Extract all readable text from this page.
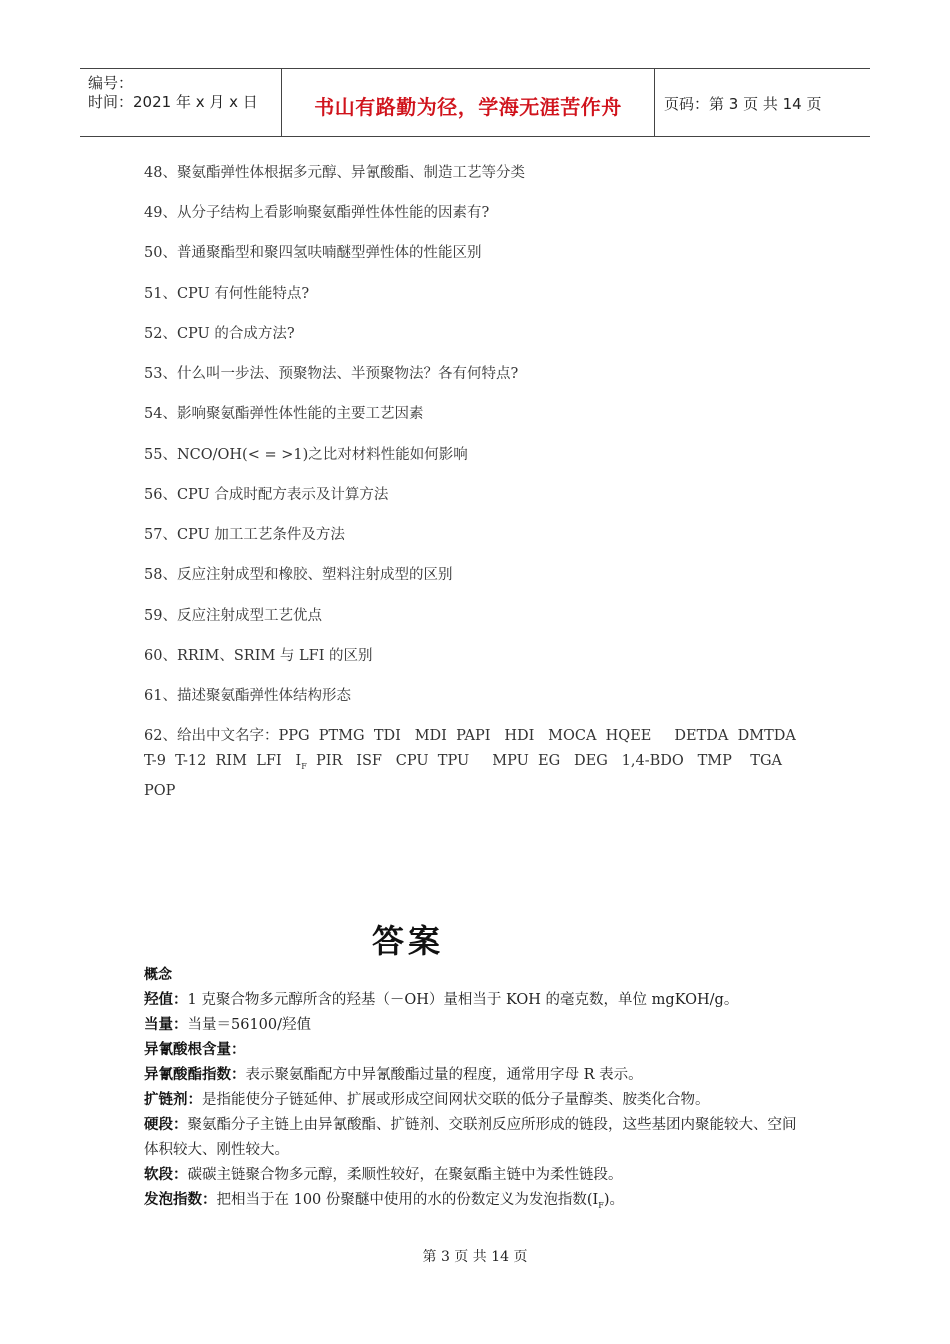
编号：
时间：2021 年 x 月 x 日	书山有路勤为径，学海无涯苦作舟	页码：第 3 页 共 14 页
48、聚氨酯弹性体根据多元醇、异氰酸酯、制造工艺等分类
49、从分子结构上看影响聚氨酯弹性体性能的因素有?
50、普通聚酯型和聚四氢呋喃醚型弹性体的性能区别
51、CPU 有何性能特点?
52、CPU 的合成方法?
53、什么叫一步法、预聚物法、半预聚物法？各有何特点?
54、影响聚氨酯弹性体性能的主要工艺因素
55、NCO/OH(< = >1)之比对材料性能如何影响
56、CPU 合成时配方表示及计算方法
57、CPU 加工工艺条件及方法
58、反应注射成型和橡胶、塑料注射成型的区别
59、反应注射成型工艺优点
60、RRIM、SRIM 与 LFI 的区别
61、描述聚氨酯弹性体结构形态
62、给出中文名字：PPG  PTMG  TDI   MDI  PAPI   HDI   MOCA  HQEE     DETDA  DMTDA
T-9  T-12  RIM  LFI   $I_F$  PIR   ISF   CPU  TPU     MPU  EG   DEG   1,4-BDO   TMP    TGA
POP
答案
概念
羟值：1 克聚合物多元醇所含的羟基（－OH）量相当于 KOH 的毫克数，单位 mgKOH/g。
当量：当量＝56100/羟值
异氰酸根含量：
异氰酸酯指数：表示聚氨酯配方中异氰酸酯过量的程度，通常用字母 R 表示。
扩链剂：是指能使分子链延伸、扩展或形成空间网状交联的低分子量醇类、胺类化合物。
硬段：聚氨酯分子主链上由异氰酸酯、扩链剂、交联剂反应所形成的链段，这些基团内聚能较大、空间体积较大、刚性较大。
软段：碳碳主链聚合物多元醇，柔顺性较好，在聚氨酯主链中为柔性链段。
发泡指数：把相当于在 100 份聚醚中使用的水的份数定义为发泡指数$(I_F)$。
第 3 页 共 14 页
